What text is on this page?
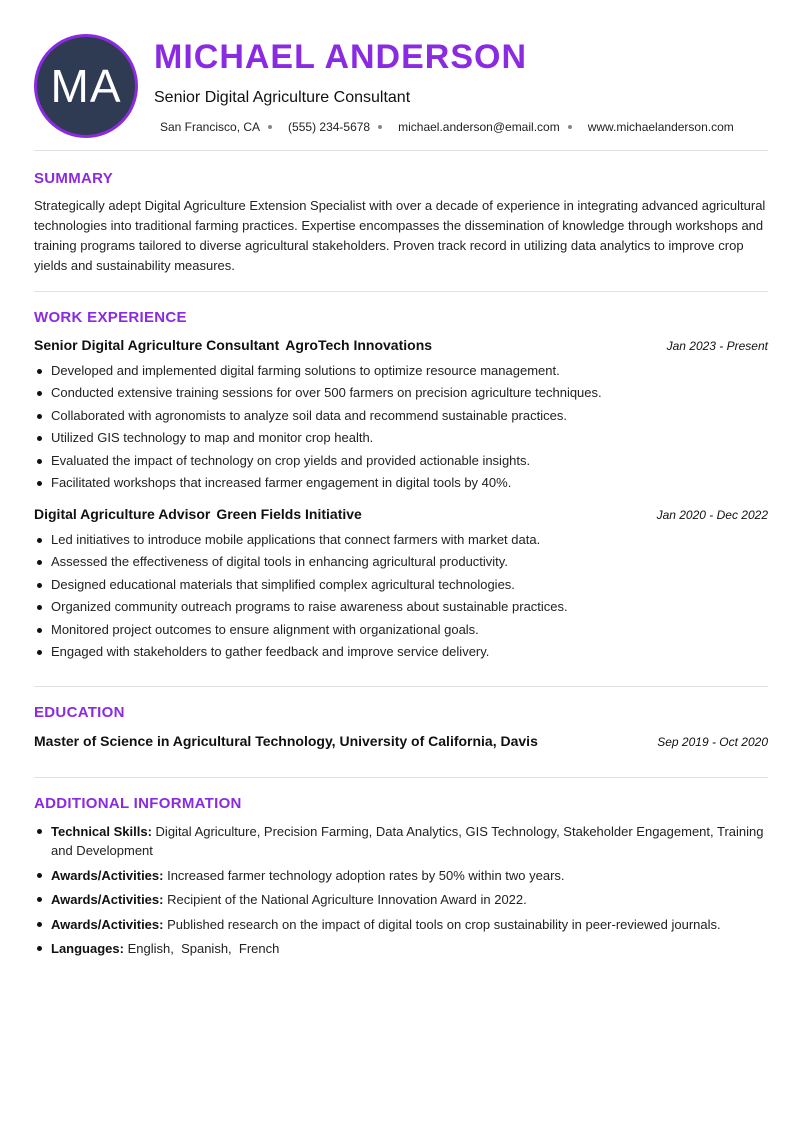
MA
MICHAEL ANDERSON
Senior Digital Agriculture Consultant
San Francisco, CA (555) 234-5678 michael.anderson@email.com www.michaelanderson.com
SUMMARY

Strategically adept Digital Agriculture Extension Specialist with over a decade of experience in integrating advanced agricultural technologies into traditional farming practices. Expertise encompasses the dissemination of knowledge through workshops and training programs tailored to diverse agricultural stakeholders. Proven track record in utilizing data analytics to improve crop yields and sustainability measures.

WORK EXPERIENCE
Senior Digital Agriculture Consultant AgroTech Innovations	Jan 2023 - Present
Developed and implemented digital farming solutions to optimize resource management.
Conducted extensive training sessions for over 500 farmers on precision agriculture techniques.
Collaborated with agronomists to analyze soil data and recommend sustainable practices.
Utilized GIS technology to map and monitor crop health.
Evaluated the impact of technology on crop yields and provided actionable insights.
Facilitated workshops that increased farmer engagement in digital tools by 40%.
Digital Agriculture Advisor Green Fields Initiative	Jan 2020 - Dec 2022
Led initiatives to introduce mobile applications that connect farmers with market data.
Assessed the effectiveness of digital tools in enhancing agricultural productivity.
Designed educational materials that simplified complex agricultural technologies.
Organized community outreach programs to raise awareness about sustainable practices.
Monitored project outcomes to ensure alignment with organizational goals.
Engaged with stakeholders to gather feedback and improve service delivery.
EDUCATION
Master of Science in Agricultural Technology, University of California, Davis	Sep 2019 - Oct 2020
ADDITIONAL INFORMATION
Technical Skills: Digital Agriculture, Precision Farming, Data Analytics, GIS Technology, Stakeholder Engagement, Training and Development
Awards/Activities: Increased farmer technology adoption rates by 50% within two years.
Awards/Activities: Recipient of the National Agriculture Innovation Award in 2022.
Awards/Activities: Published research on the impact of digital tools on crop sustainability in peer-reviewed journals.
Languages: English,  Spanish,  French
